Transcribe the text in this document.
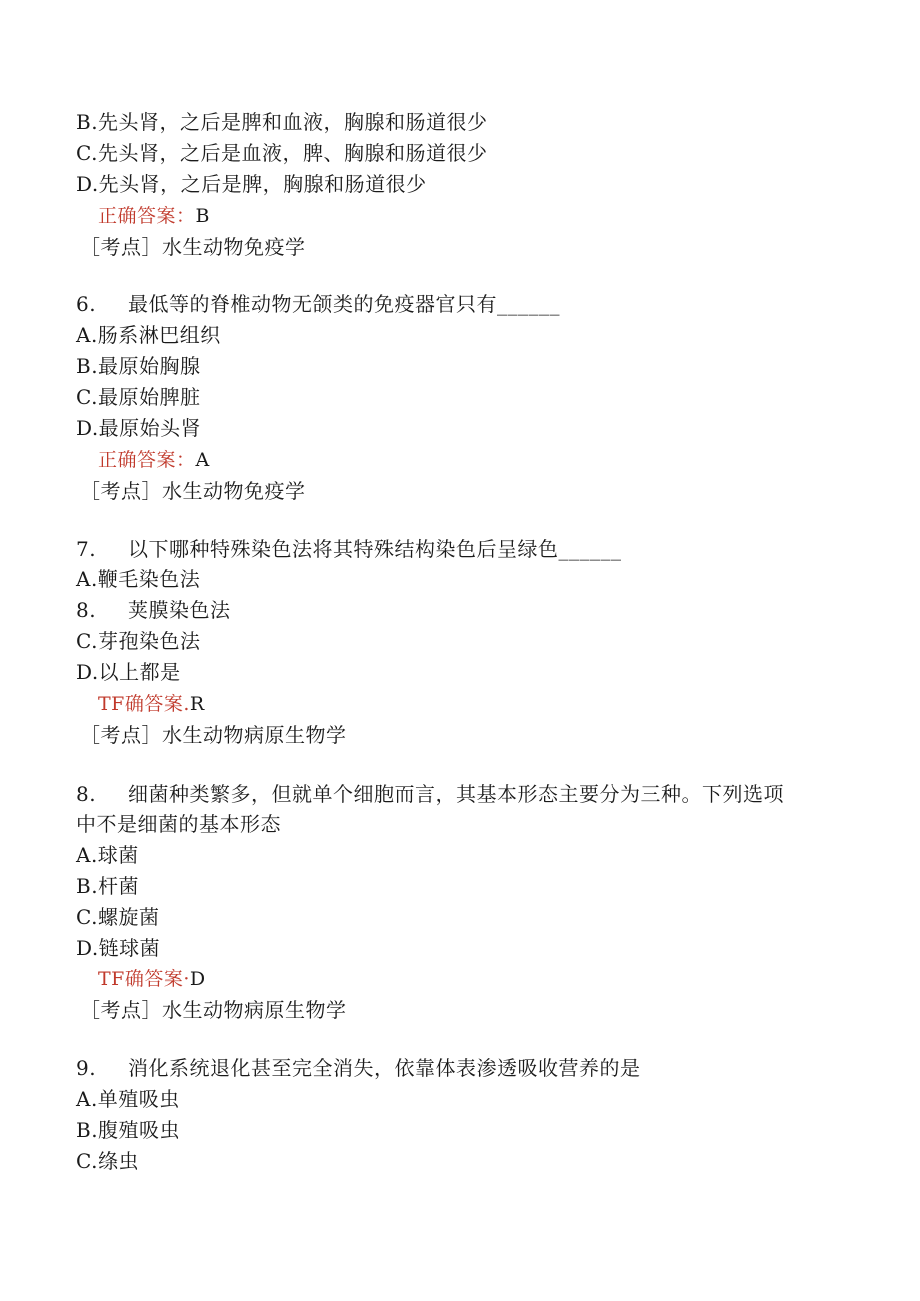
B.先头肾，之后是脾和血液，胸腺和肠道很少
C.先头肾，之后是血液，脾、胸腺和肠道很少
D.先头肾，之后是脾，胸腺和肠道很少
正确答案：B
［考点］水生动物免疫学
6. 最低等的脊椎动物无颌类的免疫器官只有______
A.肠系淋巴组织
B.最原始胸腺
C.最原始脾脏
D.最原始头肾
正确答案：A
［考点］水生动物免疫学
7. 以下哪种特殊染色法将其特殊结构染色后呈绿色______
A.鞭毛染色法
8. 荚膜染色法
C.芽孢染色法
D.以上都是
TF确答案.R
［考点］水生动物病原生物学
8. 细菌种类繁多，但就单个细胞而言，其基本形态主要分为三种。下列选项
中不是细菌的基本形态
A.球菌
B.杆菌
C.螺旋菌
D.链球菌
TF确答案·D
［考点］水生动物病原生物学
9. 消化系统退化甚至完全消失，依靠体表渗透吸收营养的是
A.单殖吸虫
B.腹殖吸虫
C.绦虫
